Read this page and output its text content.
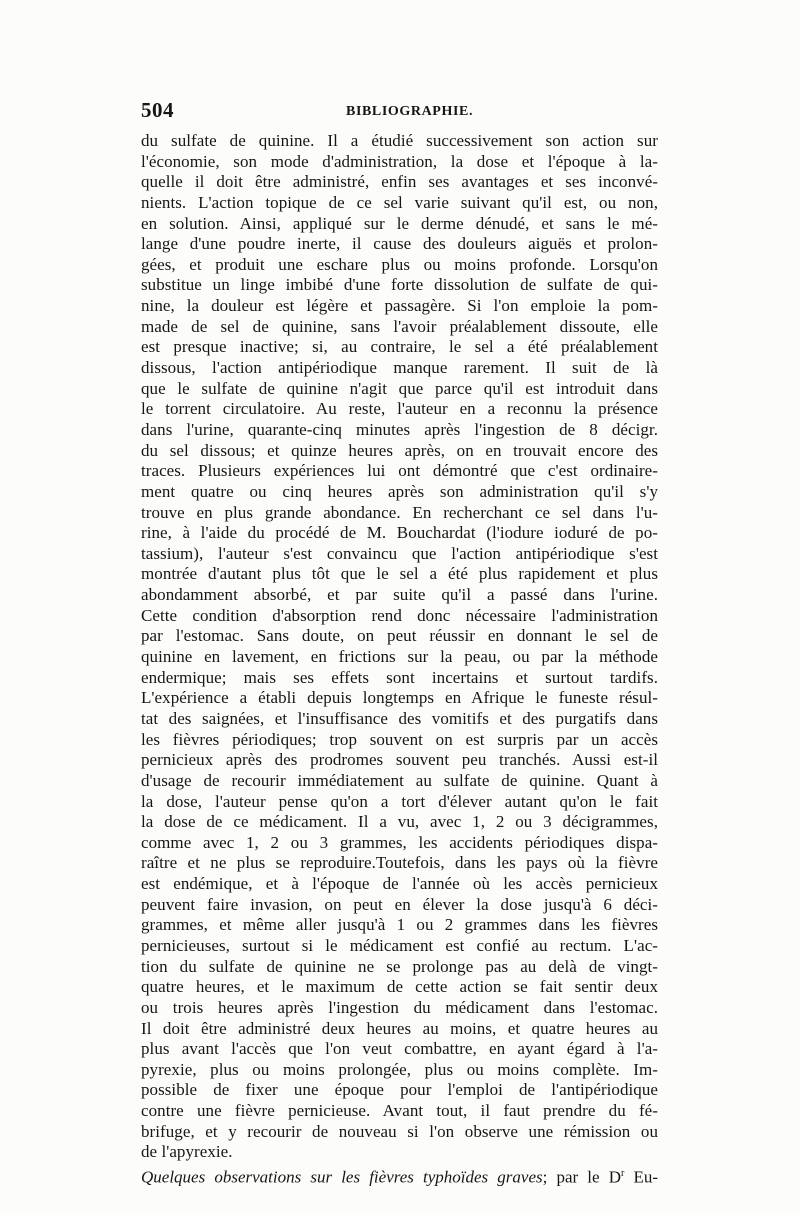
504	BIBLIOGRAPHIE.
du sulfate de quinine. Il a étudié successivement son action sur
l'économie, son mode d'administration, la dose et l'époque à la-
quelle il doit être administré, enfin ses avantages et ses inconvé-
nients. L'action topique de ce sel varie suivant qu'il est, ou non,
en solution. Ainsi, appliqué sur le derme dénudé, et sans le mé-
lange d'une poudre inerte, il cause des douleurs aiguës et prolon-
gées, et produit une eschare plus ou moins profonde. Lorsqu'on
substitue un linge imbibé d'une forte dissolution de sulfate de qui-
nine, la douleur est légère et passagère. Si l'on emploie la pom-
made de sel de quinine, sans l'avoir préalablement dissoute, elle
est presque inactive; si, au contraire, le sel a été préalablement
dissous, l'action antipériodique manque rarement. Il suit de là
que le sulfate de quinine n'agit que parce qu'il est introduit dans
le torrent circulatoire. Au reste, l'auteur en a reconnu la présence
dans l'urine, quarante-cinq minutes après l'ingestion de 8 décigr.
du sel dissous; et quinze heures après, on en trouvait encore des
traces. Plusieurs expériences lui ont démontré que c'est ordinaire-
ment quatre ou cinq heures après son administration qu'il s'y
trouve en plus grande abondance. En recherchant ce sel dans l'u-
rine, à l'aide du procédé de M. Bouchardat (l'iodure ioduré de po-
tassium), l'auteur s'est convaincu que l'action antipériodique s'est
montrée d'autant plus tôt que le sel a été plus rapidement et plus
abondamment absorbé, et par suite qu'il a passé dans l'urine.
Cette condition d'absorption rend donc nécessaire l'administration
par l'estomac. Sans doute, on peut réussir en donnant le sel de
quinine en lavement, en frictions sur la peau, ou par la méthode
endermique; mais ses effets sont incertains et surtout tardifs.
L'expérience a établi depuis longtemps en Afrique le funeste résul-
tat des saignées, et l'insuffisance des vomitifs et des purgatifs dans
les fièvres périodiques; trop souvent on est surpris par un accès
pernicieux après des prodromes souvent peu tranchés. Aussi est-il
d'usage de recourir immédiatement au sulfate de quinine. Quant à
la dose, l'auteur pense qu'on a tort d'élever autant qu'on le fait
la dose de ce médicament. Il a vu, avec 1, 2 ou 3 décigrammes,
comme avec 1, 2 ou 3 grammes, les accidents périodiques dispa-
raître et ne plus se reproduire.Toutefois, dans les pays où la fièvre
est endémique, et à l'époque de l'année où les accès pernicieux
peuvent faire invasion, on peut en élever la dose jusqu'à 6 déci-
grammes, et même aller jusqu'à 1 ou 2 grammes dans les fièvres
pernicieuses, surtout si le médicament est confié au rectum. L'ac-
tion du sulfate de quinine ne se prolonge pas au delà de vingt-
quatre heures, et le maximum de cette action se fait sentir deux
ou trois heures après l'ingestion du médicament dans l'estomac.
Il doit être administré deux heures au moins, et quatre heures au
plus avant l'accès que l'on veut combattre, en ayant égard à l'a-
pyrexie, plus ou moins prolongée, plus ou moins complète. Im-
possible de fixer une époque pour l'emploi de l'antipériodique
contre une fièvre pernicieuse. Avant tout, il faut prendre du fé-
brifuge, et y recourir de nouveau si l'on observe une rémission ou
de l'apyrexie.
Quelques observations sur les fièvres typhoïdes graves; par le $D^r$ Eu-
